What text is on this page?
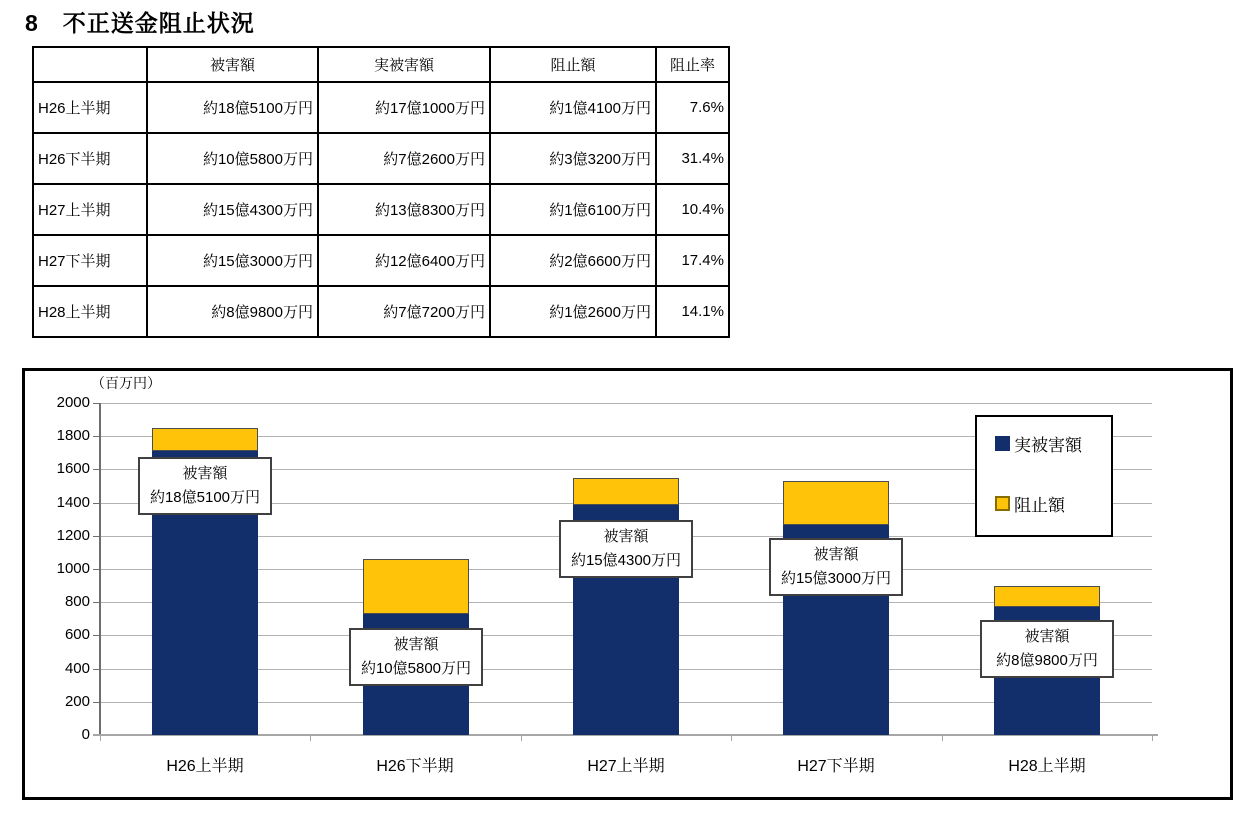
8　不正送金阻止状況
	被害額	実被害額	阻止額	阻止率
H26上半期	約18億5100万円	約17億1000万円	約1億4100万円	7.6%
H26下半期	約10億5800万円	約7億2600万円	約3億3200万円	31.4%
H27上半期	約15億4300万円	約13億8300万円	約1億6100万円	10.4%
H27下半期	約15億3000万円	約12億6400万円	約2億6600万円	17.4%
H28上半期	約8億9800万円	約7億7200万円	約1億2600万円	14.1%
（百万円）
0
200
400
600
800
1000
1200
1400
1600
1800
2000
被害額
約18億5100万円
H26上半期
被害額
約10億5800万円
H26下半期
被害額
約15億4300万円
H27上半期
被害額
約15億3000万円
H27下半期
被害額
約8億9800万円
H28上半期
実被害額
阻止額
